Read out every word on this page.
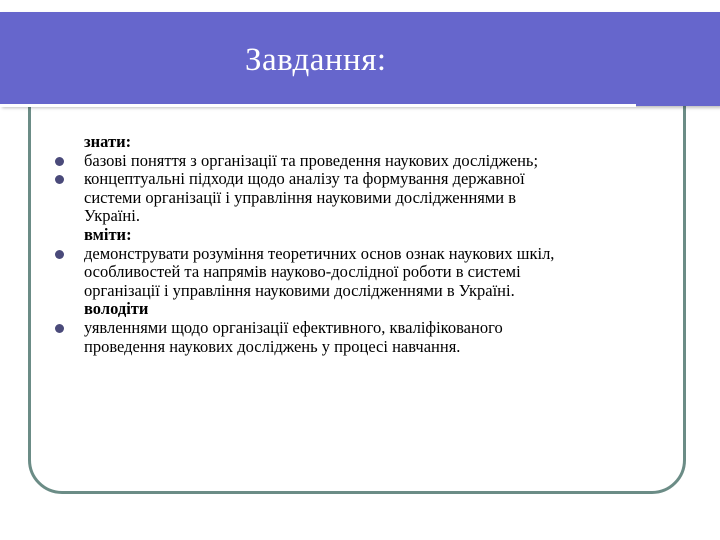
Завдання:
знати:
базові поняття з організації та проведення наукових досліджень;
концептуальні підходи щодо аналізу та формування державної
системи організації і управління науковими дослідженнями в
Україні.
вміти:
демонструвати розуміння теоретичних основ ознак наукових шкіл,
особливостей та напрямів науково-дослідної роботи в системі
організації і управління науковими дослідженнями в Україні.
володіти
уявленнями щодо організації ефективного, кваліфікованого
проведення наукових досліджень у процесі навчання.
